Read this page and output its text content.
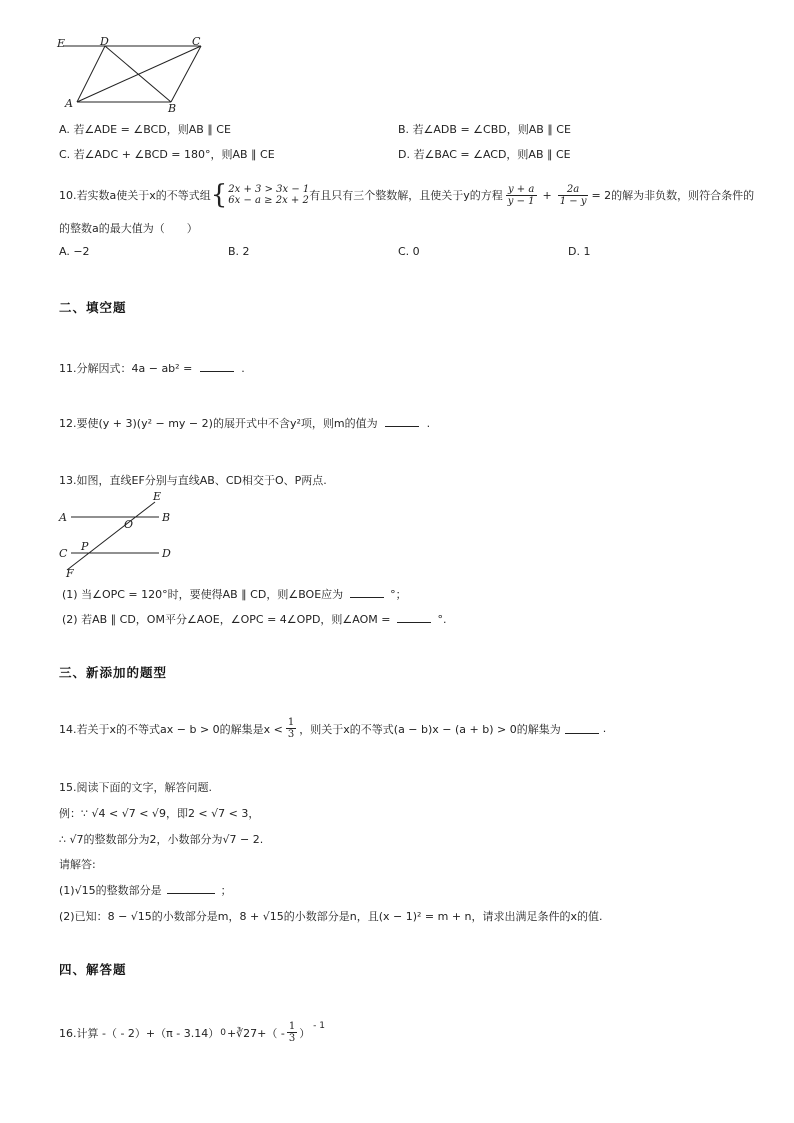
E	D	C
A	B
A. 若∠ADE = ∠BCD，则AB ∥ CE	B. 若∠ADB = ∠CBD，则AB ∥ CE
C. 若∠ADC + ∠BCD = 180°，则AB ∥ CE	D. 若∠BAC = ∠ACD，则AB ∥ CE
10.若实数a使关于x的不等式组 { 2x + 3 > 3x − 1
6x − a ≥ 2x + 2 有且只有三个整数解，且使关于y的方程 $\frac{y + a}{y - 1} + \frac{2a}{1 - y} = 2$的解为非负数，则符合条件的
的整数a的最大值为（　　）
A. −2	B. 2	C. 0	D. 1
二、填空题
11.分解因式：4a − ab² =	.
12.要使(y + 3)(y² − my − 2)的展开式中不含y²项，则m的值为	.
13.如图，直线EF分别与直线AB、CD相交于O、P两点.
E
A
O
B
C
P
D
F
(1) 当∠OPC = 120°时，要使得AB ∥ CD，则∠BOE应为	°；
(2) 若AB ∥ CD，OM平分∠AOE，∠OPC = 4∠OPD，则∠AOM =	°.
三、新添加的题型
14.若关于x的不等式ax − b > 0的解集是$x < \frac{1}{3}$ ，则关于x的不等式(a − b)x − (a + b) > 0的解集为	.
15.阅读下面的文字，解答问题.
例：∵ √4 < √7 < √9，即2 < √7 < 3，
∴ √7的整数部分为2，小数部分为√7 − 2.
请解答:
(1)√15的整数部分是	；
(2)已知：8 − √15的小数部分是m，8 + √15的小数部分是n，且(x − 1)² = m + n，请求出满足条件的x的值.
四、解答题
16.计算 -（ - 2）+（π - 3.14） 0 +∛27+（ - $\frac{1}{3}$ ）
$^{- 1}$
